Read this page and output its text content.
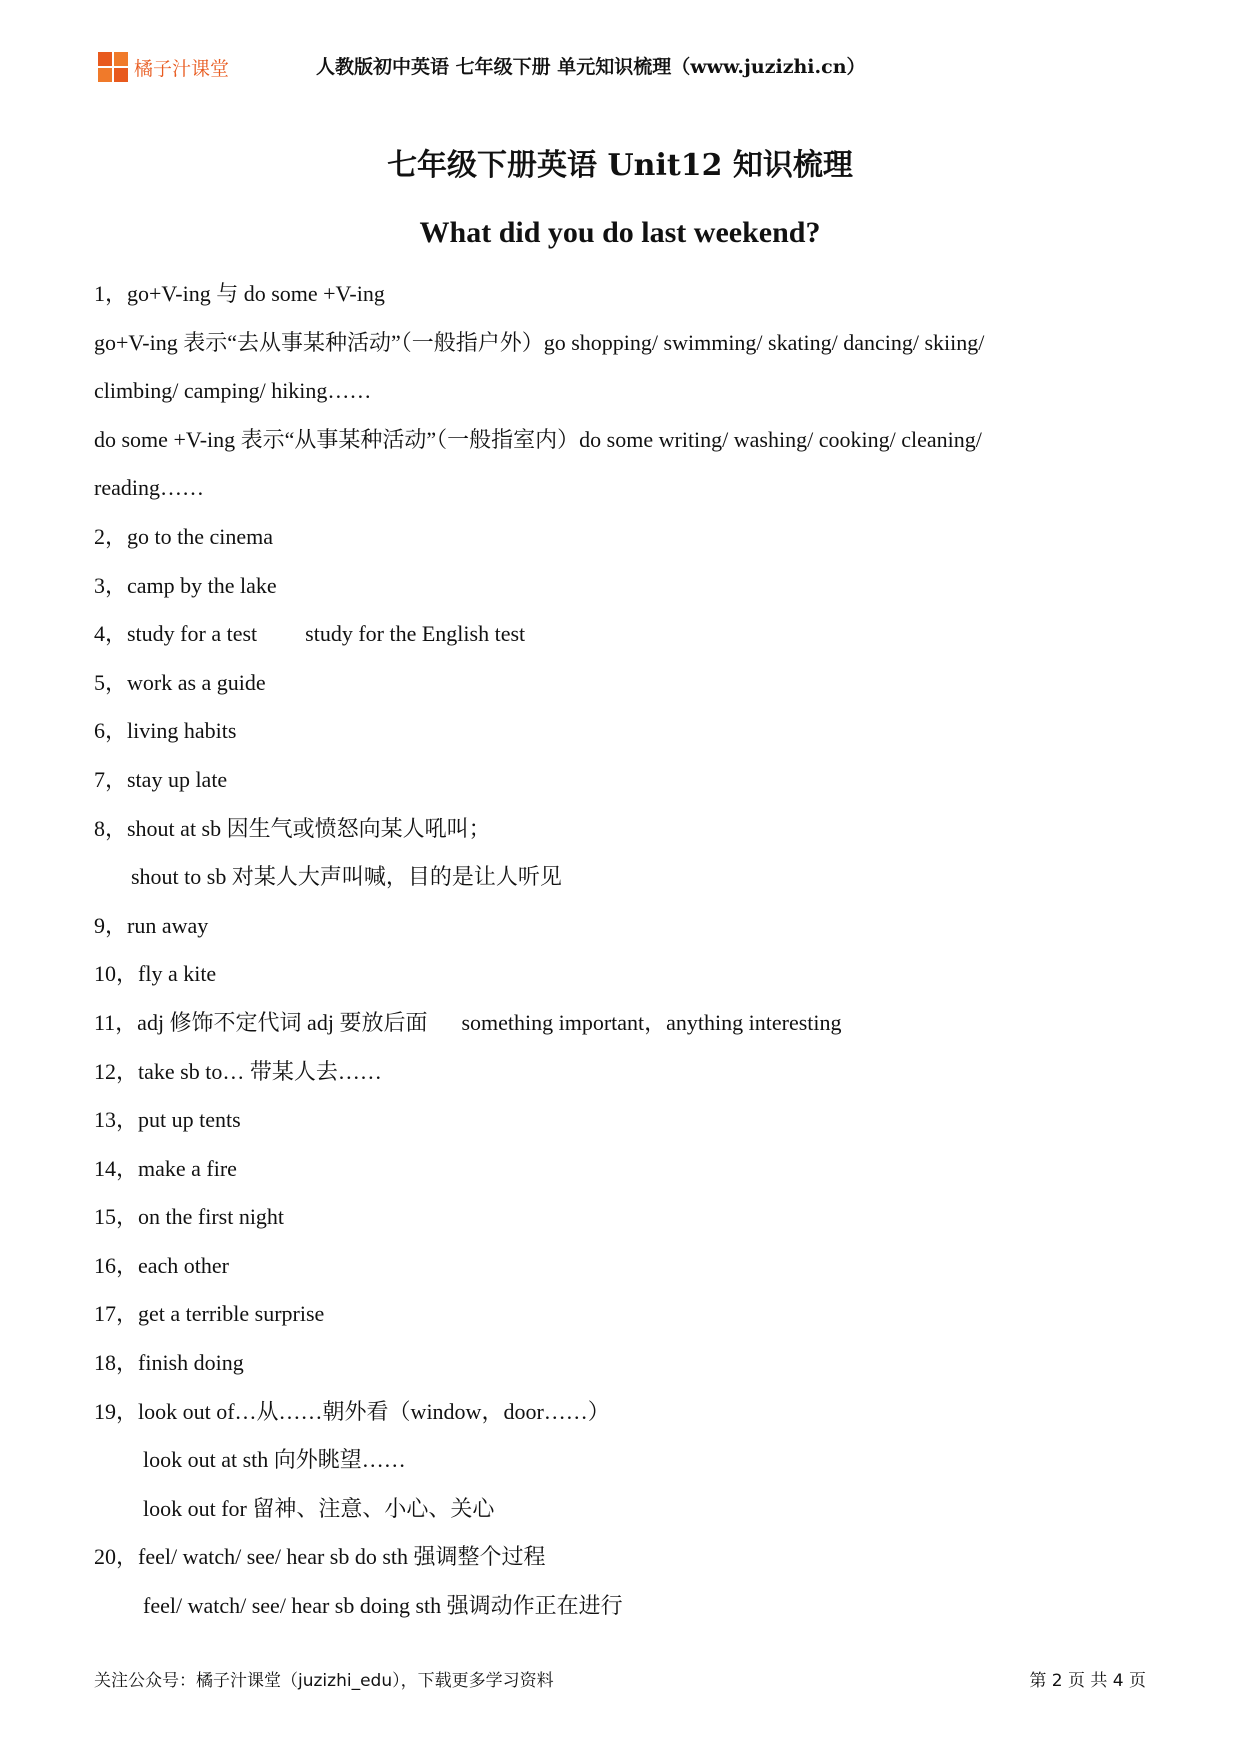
橘子汁课堂	人教版初中英语 七年级下册 单元知识梳理（www.juzizhi.cn）
七年级下册英语 Unit12 知识梳理
What did you do last weekend?
1，go+V-ing 与 do some +V-ing
go+V-ing 表示“去从事某种活动”（一般指户外）go shopping/ swimming/ skating/ dancing/ skiing/
climbing/ camping/ hiking……
do some +V-ing 表示“从事某种活动”（一般指室内）do some writing/ washing/ cooking/ cleaning/
reading……
2，go to the cinema
3，camp by the lake
4，study for a test study for the English test
5，work as a guide
6，living habits
7，stay up late
8，shout at sb 因生气或愤怒向某人吼叫；
shout to sb 对某人大声叫喊，目的是让人听见
9，run away
10，fly a kite
11，adj 修饰不定代词 adj 要放后面 something important，anything interesting
12，take sb to… 带某人去……
13，put up tents
14，make a fire
15，on the first night
16，each other
17，get a terrible surprise
18，finish doing
19，look out of…从……朝外看（window，door……）
look out at sth 向外眺望……
look out for 留神、注意、小心、关心
20，feel/ watch/ see/ hear sb do sth 强调整个过程
feel/ watch/ see/ hear sb doing sth 强调动作正在进行
关注公众号：橘子汁课堂（juzizhi_edu），下载更多学习资料	第 2 页 共 4 页
